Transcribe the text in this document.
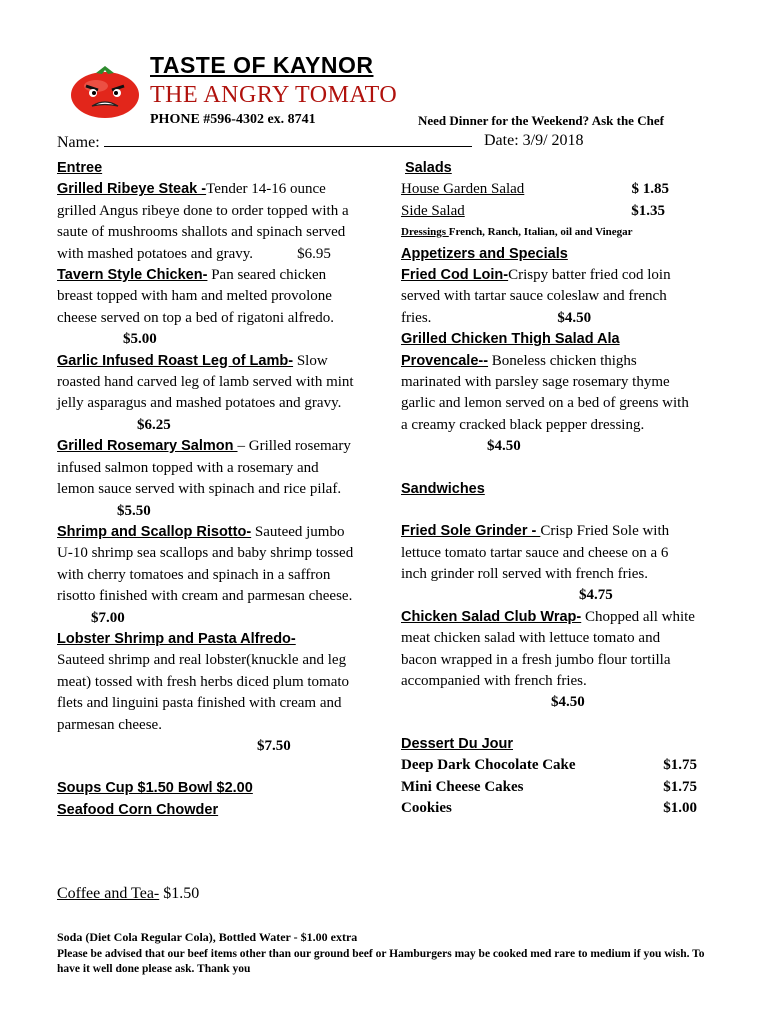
TASTE OF KAYNOR
THE ANGRY TOMATO
PHONE #596-4302 ex. 8741	Need Dinner for the Weekend? Ask the Chef
Name:	Date: 3/9/ 2018

Entree

Grilled Ribeye Steak -Tender 14-16 ounce grilled Angus ribeye done to order topped with a saute of mushrooms shallots and spinach served with mashed potatoes and gravy.	$6.95

Tavern Style Chicken- Pan seared chicken breast topped with ham and melted provolone cheese served on top a bed of rigatoni alfredo.$5.00

Garlic Infused Roast Leg of Lamb- Slow roasted hand carved leg of lamb served with mint jelly asparagus and mashed potatoes and gravy.$6.25

Grilled Rosemary Salmon – Grilled rosemary infused salmon topped with a rosemary and lemon sauce served with spinach and rice pilaf.$5.50

Shrimp and Scallop Risotto- Sauteed jumbo U-10 shrimp sea scallops and baby shrimp tossed with cherry tomatoes and spinach in a saffron risotto finished with cream and parmesan cheese.$7.00

Lobster Shrimp and Pasta Alfredo-
Sauteed shrimp and real lobster(knuckle and leg meat) tossed with fresh herbs diced plum tomato flets and linguini pasta finished with cream and parmesan cheese.
$7.50

Soups Cup $1.50 Bowl $2.00

Seafood Corn Chowder

Salads

House Garden Salad	$ 1.85
Side Salad	$1.35

Dressings French, Ranch, Italian, oil and Vinegar

Appetizers and Specials

Fried Cod Loin-Crispy batter fried cod loin served with tartar sauce coleslaw and french fries.	$4.50

Grilled Chicken Thigh Salad Ala Provencale-- Boneless chicken thighs marinated with parsley sage rosemary thyme garlic and lemon served on a bed of greens with a creamy cracked black pepper dressing.$4.50

Sandwiches

Fried Sole Grinder - Crisp Fried Sole with lettuce tomato tartar sauce and cheese on a 6 inch grinder roll served with french fries.$4.75

Chicken Salad Club Wrap- Chopped all white meat chicken salad with lettuce tomato and bacon wrapped in a fresh jumbo flour tortilla accompanied with french fries.$4.50

Dessert Du Jour

Deep Dark Chocolate Cake	$1.75
Mini Cheese Cakes	$1.75
Cookies	$1.00
Coffee and Tea- $1.50
Soda (Diet Cola Regular Cola), Bottled Water - $1.00 extra
Please be advised that our beef items other than our ground beef or Hamburgers may be cooked med rare to medium if you wish. To have it well done please ask. Thank you
